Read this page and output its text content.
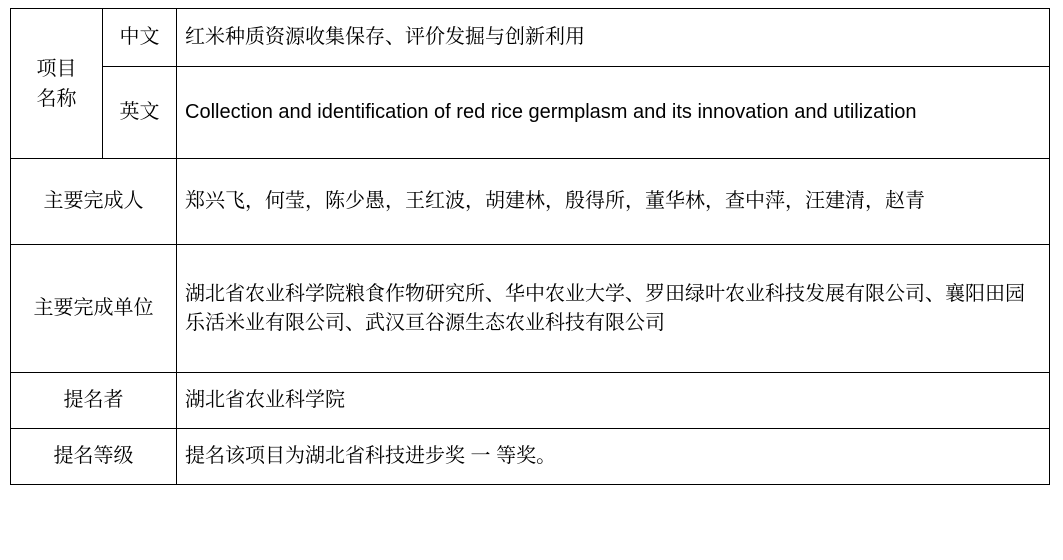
项目
名称	中文	红米种质资源收集保存、评价发掘与创新利用
	英文	Collection and identification of red rice germplasm and its innovation and utilization
主要完成人		郑兴飞，何莹，陈少愚，王红波，胡建林，殷得所，董华林，查中萍，汪建清，赵青
主要完成单位		湖北省农业科学院粮食作物研究所、华中农业大学、罗田绿叶农业科技发展有限公司、襄阳田园乐活米业有限公司、武汉亘谷源生态农业科技有限公司
提名者		湖北省农业科学院
提名等级		提名该项目为湖北省科技进步奖 一 等奖。
